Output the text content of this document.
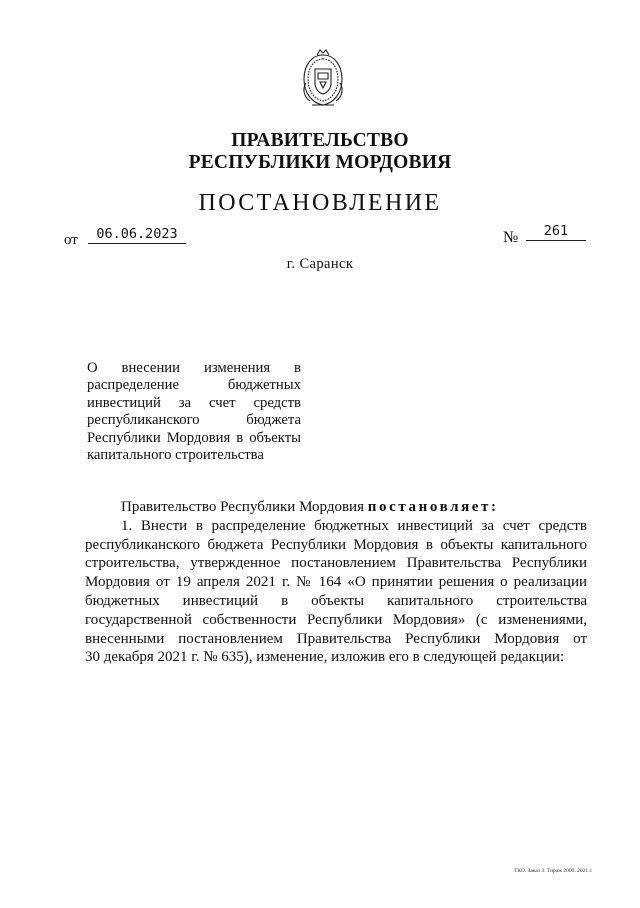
ПРАВИТЕЛЬСТВО
РЕСПУБЛИКИ МОРДОВИЯ
ПОСТАНОВЛЕНИЕ
от	06.06.2023	№	261
г. Саранск
О внесении изменения в
распределение бюджетных
инвестиций за счет средств
республиканского бюджета
Республики Мордовия в объекты
капитального строительства
Правительство Республики Мордовия постановляет:
1. Внести в распределение бюджетных инвестиций за счет средств
республиканского бюджета Республики Мордовия в объекты капитального
строительства, утвержденное постановлением Правительства Республики
Мордовия от 19 апреля 2021 г. № 164 «О принятии решения о реализации
бюджетных инвестиций в объекты капитального строительства
государственной собственности Республики Мордовия» (с изменениями,
внесенными постановлением Правительства Республики Мордовия от
30 декабря 2021 г. № 635), изменение, изложив его в следующей редакции:
ТКО. Заказ 3. Тираж 2000. 2021 г.
